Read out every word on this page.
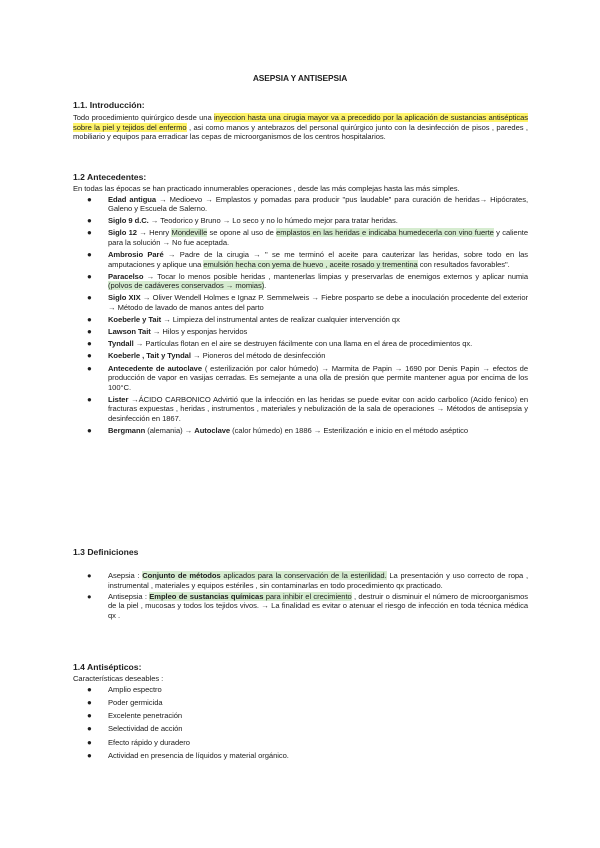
ASEPSIA Y ANTISEPSIA

1.1. Introducción:

Todo procedimiento quirúrgico desde una inyeccion hasta una cirugia mayor va a precedido por la aplicación de sustancias antisépticas sobre la piel y tejidos del enfermo , asi como manos y antebrazos del personal quirúrgico junto con la desinfección de pisos , paredes , mobiliario y equipos para erradicar las cepas de microorganismos de los centros hospitalarios.

1.2 Antecedentes:

En todas las épocas se han practicado innumerables operaciones , desde las más complejas hasta las más simples.

● Edad antigua → Medioevo → Emplastos y pomadas para producir "pus laudable" para curación de heridas→ Hipócrates, Galeno y Escuela de Salerno.
● Siglo 9 d.C. → Teodorico y Bruno → Lo seco y no lo húmedo mejor para tratar heridas.
● Siglo 12 → Henry Mondeville se opone al uso de emplastos en las heridas e indicaba humedecerla con vino fuerte y caliente para la solución → No fue aceptada.
● Ambrosio Paré → Padre de la cirugia → " se me terminó el aceite para cauterizar las heridas, sobre todo en las amputaciones y aplique una emulsión hecha con yema de huevo , aceite rosado y trementina con resultados favorables".
● Paracelso → Tocar lo menos posible heridas , mantenerlas limpias y preservarlas de enemigos externos y aplicar numia (polvos de cadáveres conservados → momias).
● Siglo XIX → Oliver Wendell Holmes e Ignaz P. Semmelweis → Fiebre posparto se debe a inoculación procedente del exterior → Método de lavado de manos antes del parto
● Koeberle y Tait → Limpieza del instrumental antes de realizar cualquier intervención qx
● Lawson Tait → Hilos y esponjas hervidos
● Tyndall → Partículas flotan en el aire se destruyen fácilmente con una llama en el área de procedimientos qx.
● Koeberle , Tait y Tyndal → Pioneros del método de desinfección
● Antecedente de autoclave ( esterilización por calor húmedo) → Marmita de Papin → 1690 por Denis Papin → efectos de producción de vapor en vasijas cerradas. Es semejante a una olla de presión que permite mantener agua por encima de los 100°C.
● Lister →ÁCIDO CARBONICO Advirtió que la infección en las heridas se puede evitar con acido carbolico (Acido fenico) en fracturas expuestas , heridas , instrumentos , materiales y nebulización de la sala de operaciones → Métodos de antisepsia y desinfección en 1867.
● Bergmann (alemania) → Autoclave (calor húmedo) en 1886 → Esterilización e inicio en el método aséptico

1.3 Definiciones

● Asepsia : Conjunto de métodos aplicados para la conservación de la esterilidad. La presentación y uso correcto de ropa , instrumental , materiales y equipos estériles , sin contaminarlas en todo procedimiento qx practicado.
● Antisepsia : Empleo de sustancias químicas para inhibir el crecimiento , destruir o disminuir el número de microorganismos de la piel , mucosas y todos los tejidos vivos. → La finalidad es evitar o atenuar el riesgo de infección en toda técnica médica qx .

1.4 Antisépticos:

Características deseables :

● Amplio espectro
● Poder germicida
● Excelente penetración
● Selectividad de acción
● Efecto rápido y duradero
● Actividad en presencia de líquidos y material orgánico.
